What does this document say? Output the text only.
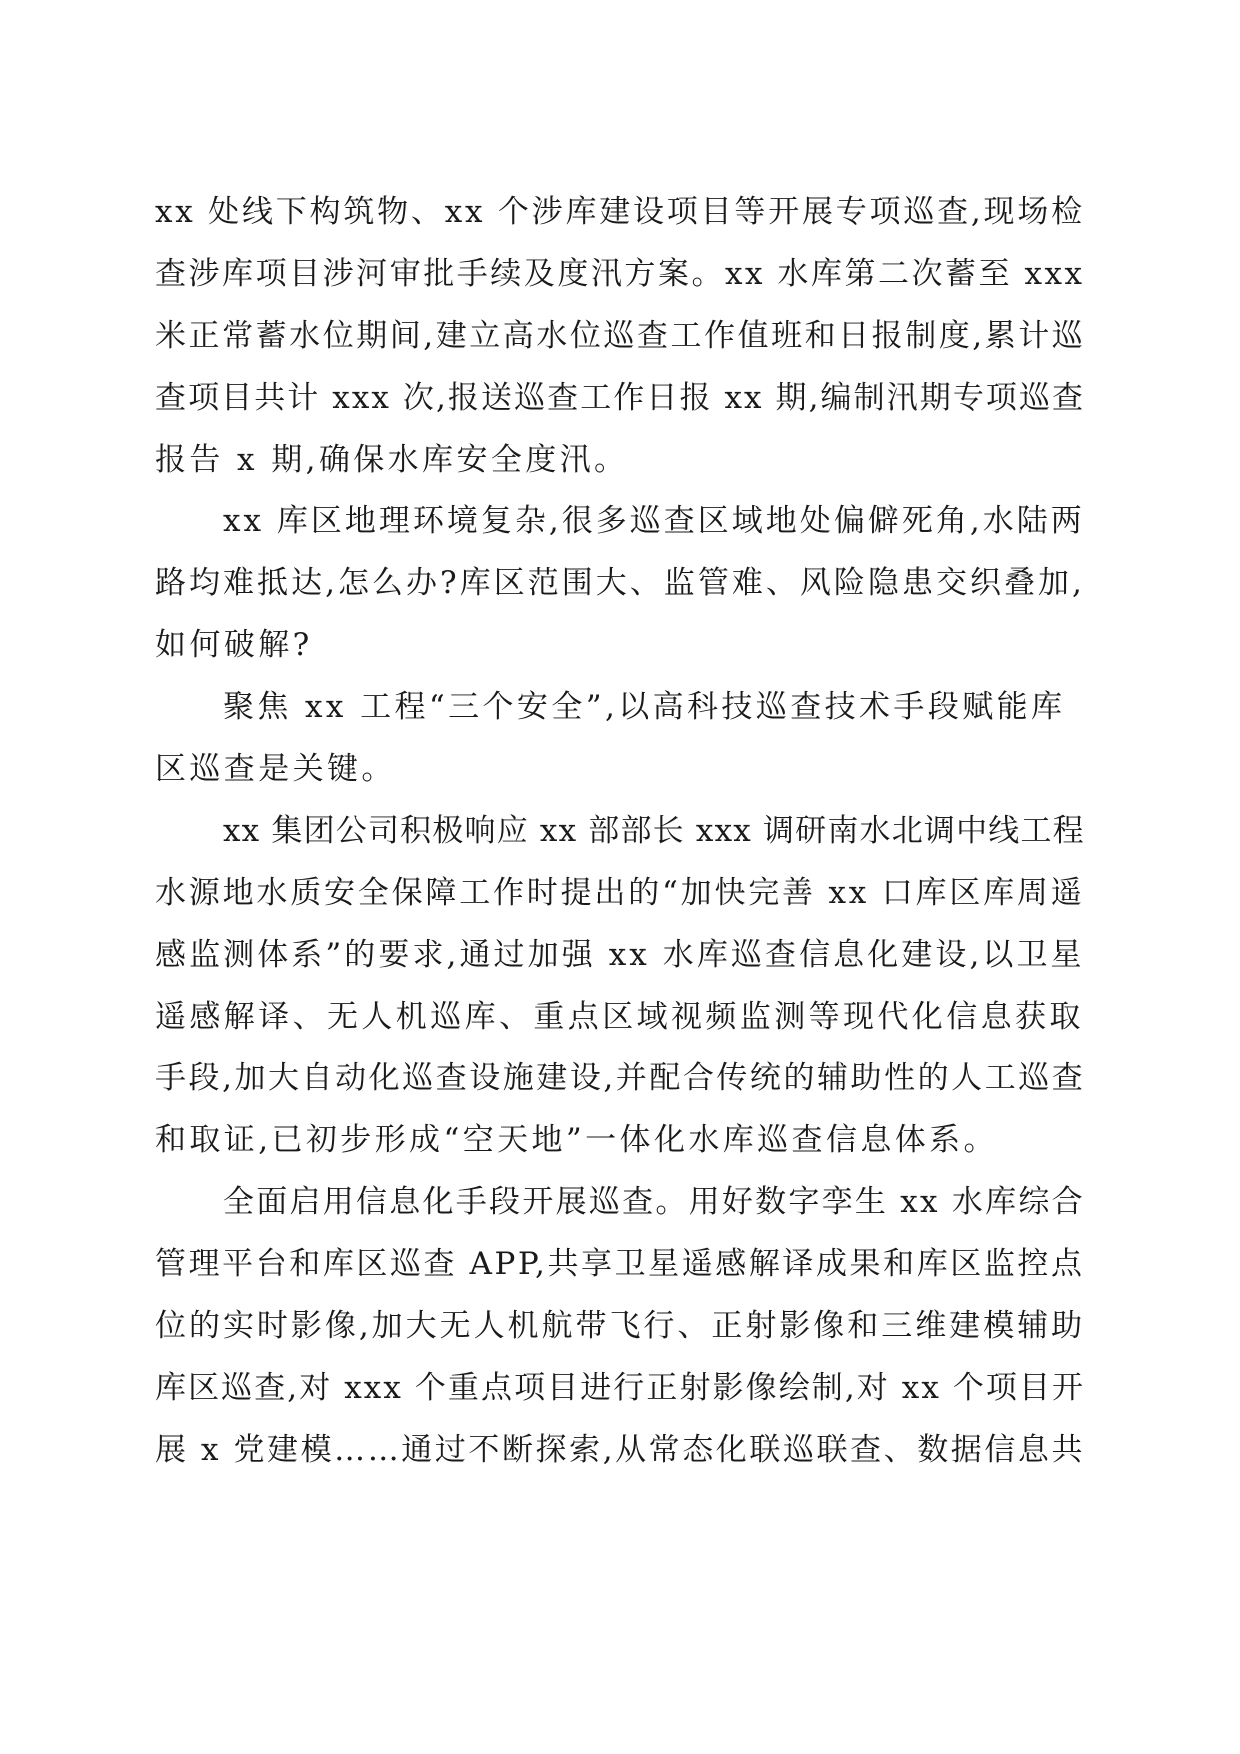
xx 处线下构筑物、xx 个涉库建设项目等开展专项巡查,现场检
查涉库项目涉河审批手续及度汛方案。xx 水库第二次蓄至 xxx
米正常蓄水位期间,建立高水位巡查工作值班和日报制度,累计巡
查项目共计 xxx 次,报送巡查工作日报 xx 期,编制汛期专项巡查
报告 x 期,确保水库安全度汛。
xx 库区地理环境复杂,很多巡查区域地处偏僻死角,水陆两
路均难抵达,怎么办?库区范围大、监管难、风险隐患交织叠加,
如何破解?
聚焦 xx 工程“三个安全”,以高科技巡查技术手段赋能库
区巡查是关键。
xx 集团公司积极响应 xx 部部长 xxx 调研南水北调中线工程
水源地水质安全保障工作时提出的“加快完善 xx 口库区库周遥
感监测体系”的要求,通过加强 xx 水库巡查信息化建设,以卫星
遥感解译、无人机巡库、重点区域视频监测等现代化信息获取
手段,加大自动化巡查设施建设,并配合传统的辅助性的人工巡查
和取证,已初步形成“空天地”一体化水库巡查信息体系。
全面启用信息化手段开展巡查。用好数字孪生 xx 水库综合
管理平台和库区巡查 APP,共享卫星遥感解译成果和库区监控点
位的实时影像,加大无人机航带飞行、正射影像和三维建模辅助
库区巡查,对 xxx 个重点项目进行正射影像绘制,对 xx 个项目开
展 x 党建模……通过不断探索,从常态化联巡联查、数据信息共
